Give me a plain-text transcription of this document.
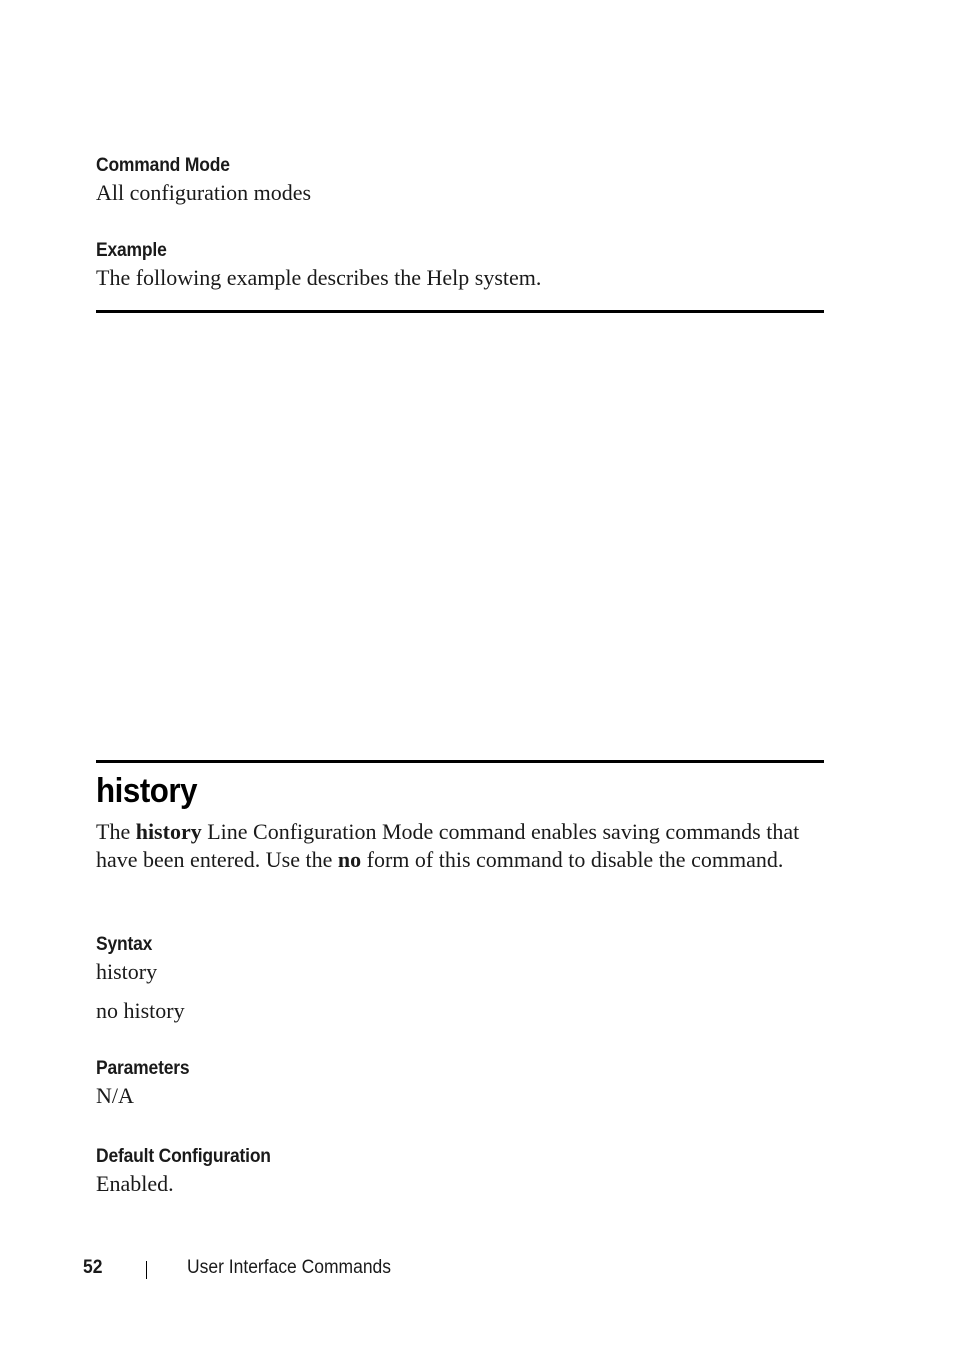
Command Mode
All configuration modes
Example
The following example describes the Help system.
history
The history Line Configuration Mode command enables saving commands that have been entered. Use the no form of this command to disable the command.
Syntax
history
no history
Parameters
N/A
Default Configuration
Enabled.
52	User Interface Commands
